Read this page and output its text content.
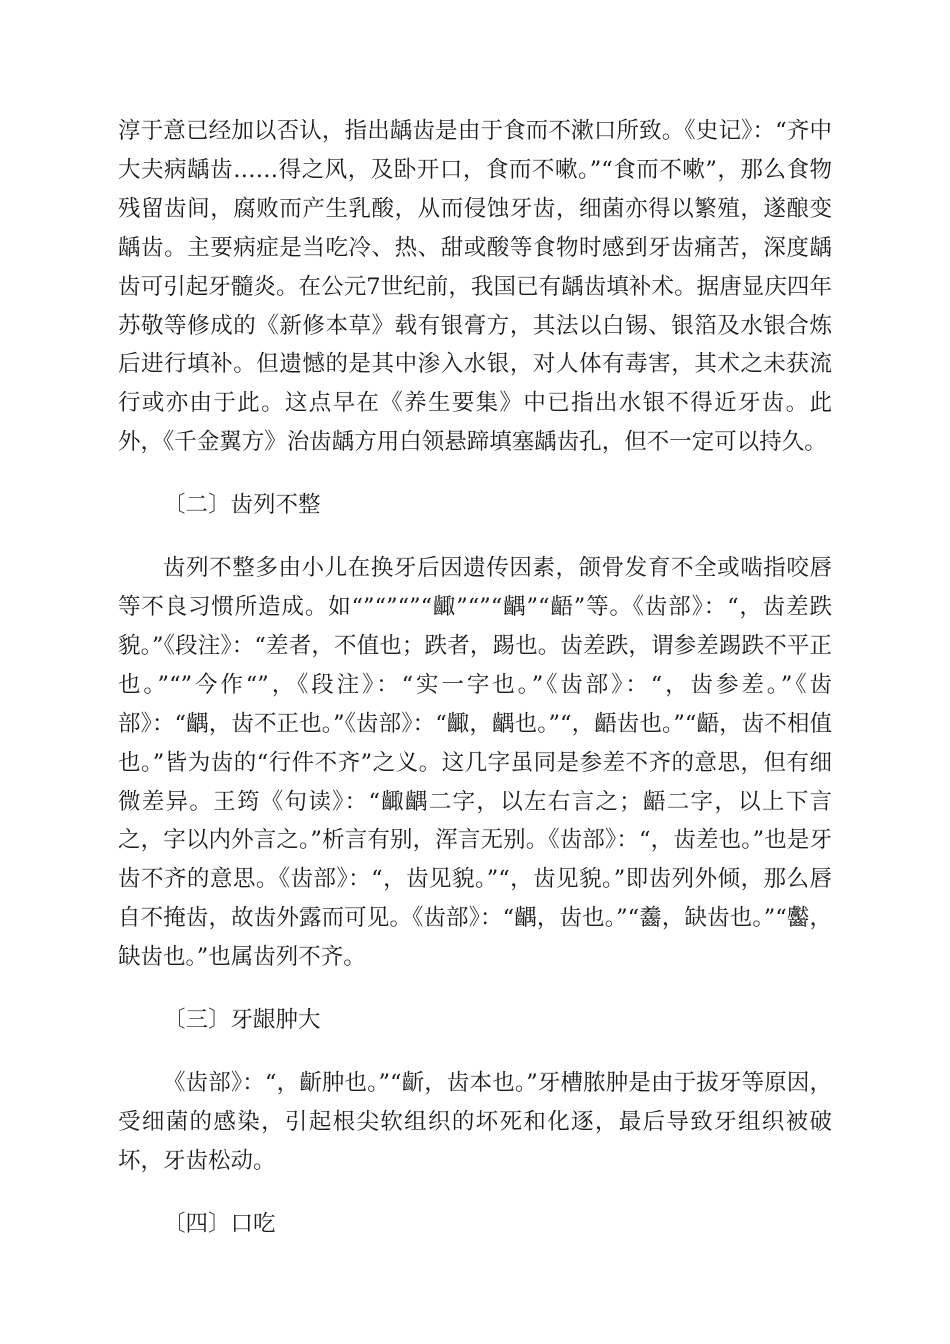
淳于意已经加以否认，指出龋齿是由于食而不漱口所致。《史记》：“齐中大夫病龋齿……得之风，及卧开口，食而不嗽。”“食而不嗽”，那么食物残留齿间，腐败而产生乳酸，从而侵蚀牙齿，细菌亦得以繁殖，遂酿变龋齿。主要病症是当吃冷、热、甜或酸等食物时感到牙齿痛苦，深度龋齿可引起牙髓炎。在公元7世纪前，我国已有龋齿填补术。据唐显庆四年苏敬等修成的《新修本草》载有银膏方，其法以白锡、银箔及水银合炼后进行填补。但遗憾的是其中渗入水银，对人体有毒害，其术之未获流行或亦由于此。这点早在《养生要集》中已指出水银不得近牙齿。此外，《千金翼方》治齿龋方用白领悬蹄填塞龋齿孔，但不一定可以持久。

〔二〕齿列不整

齿列不整多由小儿在换牙后因遗传因素，颌骨发育不全或啮指咬唇等不良习惯所造成。如“”“”“”“齱”“”“齵”“齬”等。《齿部》：“，齿差跌貌。”《段注》：“差者，不值也；跌者，踢也。齿差跌，谓参差踢跌不平正也。”“”今作“”，《段注》：“实一字也。”《齿部》：“，齿参差。”《齿部》：“齵，齿不正也。”《齿部》：“齱，齵也。”“，齬齿也。”“齬，齿不相值也。”皆为齿的“行件不齐”之义。这几字虽同是参差不齐的意思，但有细微差异。王筠《句读》：“齱齵二字，以左右言之；齬二字，以上下言之，字以内外言之。”析言有别，浑言无别。《齿部》：“，齿差也。”也是牙齿不齐的意思。《齿部》：“，齿见貌。”“，齿见貌。”即齿列外倾，那么唇自不掩齿，故齿外露而可见。《齿部》：“齵，齿也。”“齹，缺齿也。”“齾，缺齿也。”也属齿列不齐。

〔三〕牙龈肿大

《齿部》：“，齗肿也。”“齗，齿本也。”牙槽脓肿是由于拔牙等原因，受细菌的感染，引起根尖软组织的坏死和化逐，最后导致牙组织被破坏，牙齿松动。

〔四〕口吃
